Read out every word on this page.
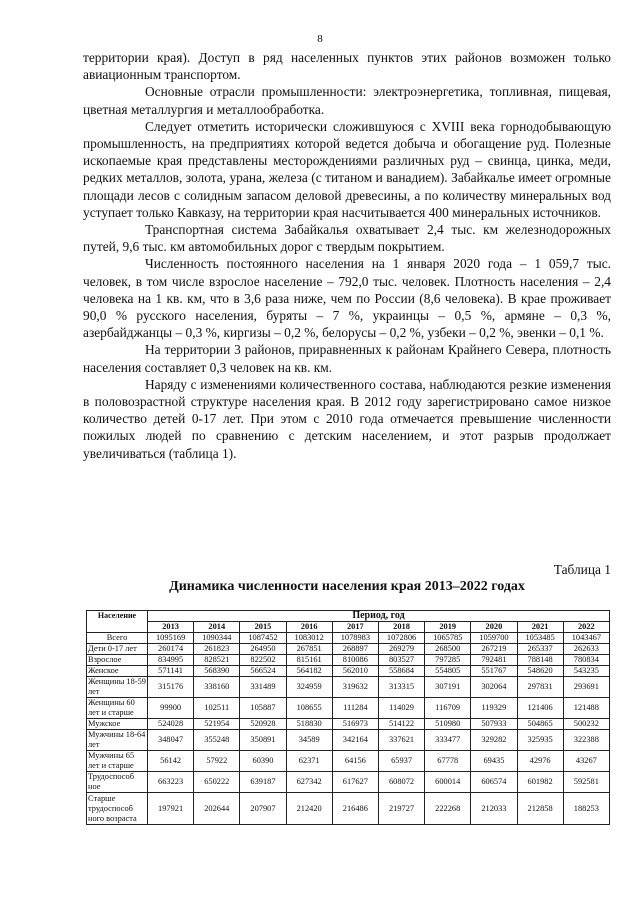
8

территории края). Доступ в ряд населенных пунктов этих районов возможен только авиационным транспортом.

Основные отрасли промышленности: электроэнергетика, топливная, пищевая, цветная металлургия и металлообработка.

Следует отметить исторически сложившуюся с XVIII века горнодобывающую промышленность, на предприятиях которой ведется добыча и обогащение руд. Полезные ископаемые края представлены месторождениями различных руд – свинца, цинка, меди, редких металлов, золота, урана, железа (с титаном и ванадием). Забайкалье имеет огромные площади лесов с солидным запасом деловой древесины, а по количеству минеральных вод уступает только Кавказу, на территории края насчитывается 400 минеральных источников.

Транспортная система Забайкалья охватывает 2,4 тыс. км железнодорожных путей, 9,6 тыс. км автомобильных дорог с твердым покрытием.

Численность постоянного населения на 1 января 2020 года – 1 059,7 тыс. человек, в том числе взрослое население – 792,0 тыс. человек. Плотность населения – 2,4 человека на 1 кв. км, что в 3,6 раза ниже, чем по России (8,6 человека). В крае проживает 90,0 % русского населения, буряты – 7 %, украинцы – 0,5 %, армяне – 0,3 %, азербайджанцы – 0,3 %, киргизы – 0,2 %, белорусы – 0,2 %, узбеки – 0,2 %, эвенки – 0,1 %.

На территории 3 районов, приравненных к районам Крайнего Севера, плотность населения составляет 0,3 человек на кв. км.

Наряду с изменениями количественного состава, наблюдаются резкие изменения в половозрастной структуре населения края. В 2012 году зарегистрировано самое низкое количество детей 0-17 лет. При этом с 2010 года отмечается превышение численности пожилых людей по сравнению с детским населением, и этот разрыв продолжает увеличиваться (таблица 1).

Таблица 1
Динамика численности населения края 2013–2022 годах
Население	Период, год									
	2013	2014	2015	2016	2017	2018	2019	2020	2021	2022
Всего	1095169	1090344	1087452	1083012	1078983	1072806	1065785	1059700	1053485	1043467
Дети 0-17 лет	260174	261823	264950	267851	268897	269279	268500	267219	265337	262633
Взрослое	834995	828521	822502	815161	810086	803527	797285	792481	788148	780834
Женское	571141	568390	566524	564182	562010	558684	554805	551767	548620	543235
Женщины 18-59 лет	315176	338160	331489	324959	319632	313315	307191	302064	297831	293691
Женщины 60 лет и старше	99900	102511	105887	108655	111284	114029	116709	119329	121406	121488
Мужское	524028	521954	520928	518830	516973	514122	510980	507933	504865	500232
Мужчины 18-64 лет	348047	355248	350891	34589	342164	337621	333477	329282	325935	322388
Мужчины 65 лет и старше	56142	57922	60390	62371	64156	65937	67778	69435	42976	43267
Трудоспособ ное	663223	650222	639187	627342	617627	608072	600014	606574	601982	592581
Старше трудоспособ ного возраста	197921	202644	207907	212420	216486	219727	222268	212033	212858	188253
